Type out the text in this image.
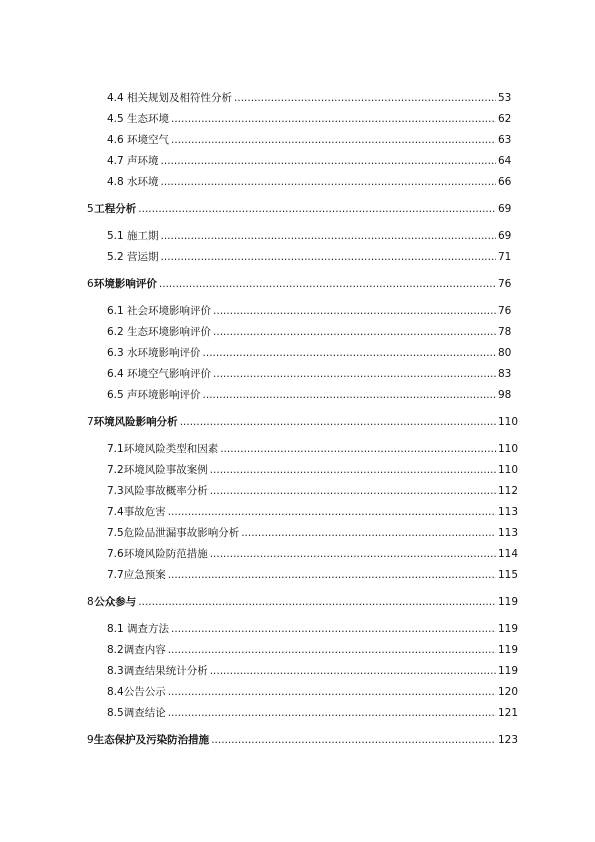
4.4 相关规划及相符性分析 .....	53
4.5 生态环境 .....	62
4.6 环境空气 .....	63
4.7 声环境 .....	64
4.8 水环境 .....	66
5 工程分析 .....	69
5.1 施工期 .....	69
5.2 营运期 .....	71
6 环境影响评价 .....	76
6.1 社会环境影响评价 .....	76
6.2 生态环境影响评价 .....	78
6.3 水环境影响评价 .....	80
6.4 环境空气影响评价 .....	83
6.5 声环境影响评价 .....	98
7 环境风险影响分析 .....	110
7.1环境风险类型和因素 .....	110
7.2环境风险事故案例 .....	110
7.3风险事故概率分析 .....	112
7.4事故危害 .....	113
7.5危险品泄漏事故影响分析 .....	113
7.6环境风险防范措施 .....	114
7.7应急预案 .....	115
8 公众参与 .....	119
8.1 调查方法 .....	119
8.2调查内容 .....	119
8.3调查结果统计分析 .....	119
8.4公告公示 .....	120
8.5调查结论 .....	121
9 生态保护及污染防治措施 .....	123
